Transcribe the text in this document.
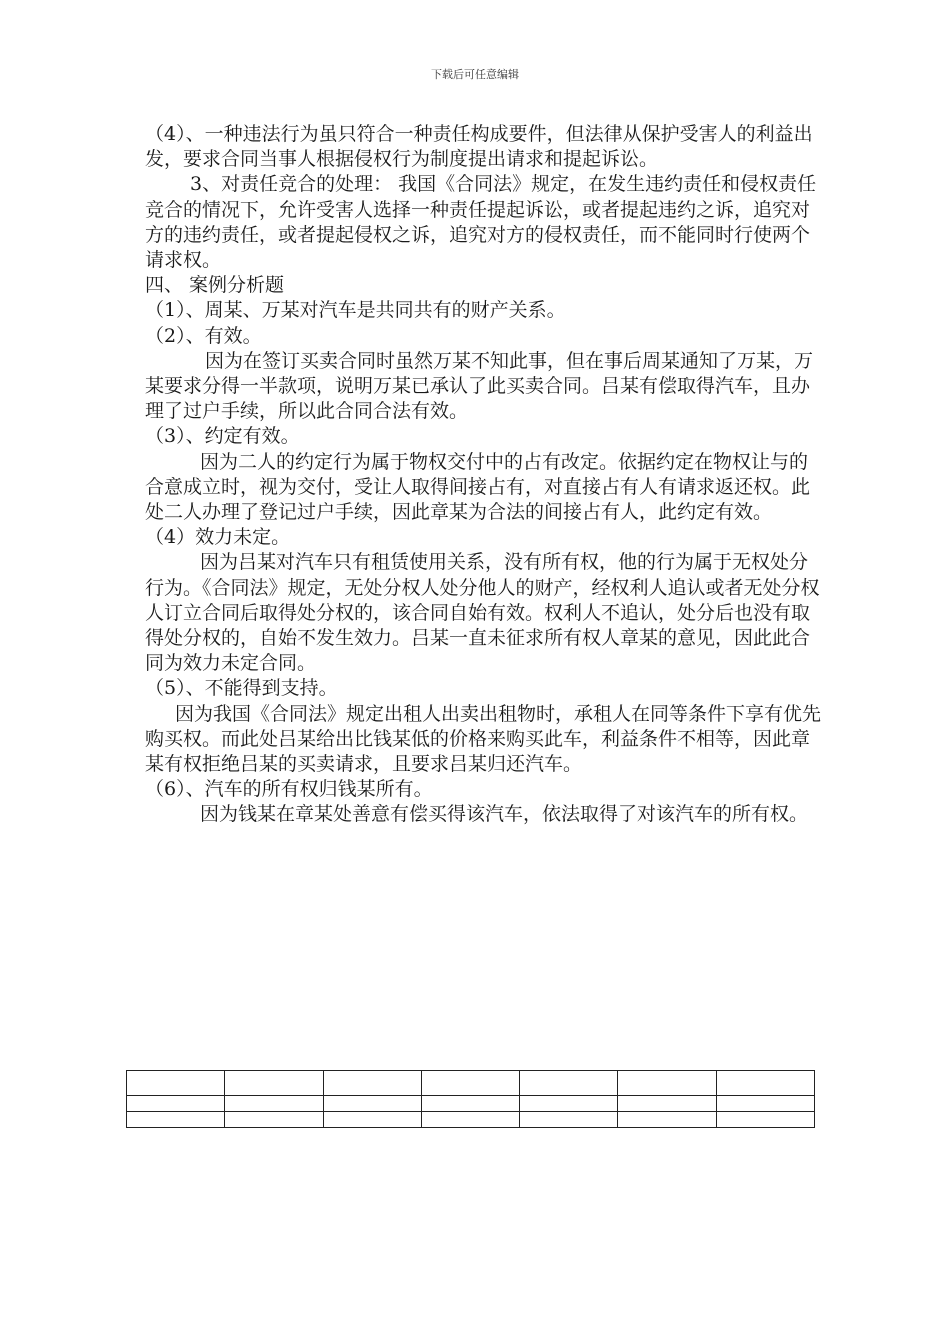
下载后可任意编辑

（4）、一种违法行为虽只符合一种责任构成要件，但法律从保护受害人的利益出发，要求合同当事人根据侵权行为制度提出请求和提起诉讼。

3、对责任竞合的处理： 我国《合同法》规定，在发生违约责任和侵权责任竞合的情况下，允许受害人选择一种责任提起诉讼，或者提起违约之诉，追究对方的违约责任，或者提起侵权之诉，追究对方的侵权责任，而不能同时行使两个请求权。

四、 案例分析题

（1）、周某、万某对汽车是共同共有的财产关系。

（2）、有效。

因为在签订买卖合同时虽然万某不知此事，但在事后周某通知了万某，万某要求分得一半款项，说明万某已承认了此买卖合同。吕某有偿取得汽车，且办理了过户手续，所以此合同合法有效。

（3）、约定有效。

因为二人的约定行为属于物权交付中的占有改定。依据约定在物权让与的合意成立时，视为交付，受让人取得间接占有，对直接占有人有请求返还权。此处二人办理了登记过户手续，因此章某为合法的间接占有人，此约定有效。

（4）效力未定。

因为吕某对汽车只有租赁使用关系，没有所有权，他的行为属于无权处分行为。《合同法》规定，无处分权人处分他人的财产，经权利人追认或者无处分权人订立合同后取得处分权的，该合同自始有效。权利人不追认，处分后也没有取得处分权的，自始不发生效力。吕某一直未征求所有权人章某的意见，因此此合同为效力未定合同。

（5）、不能得到支持。

因为我国《合同法》规定出租人出卖出租物时，承租人在同等条件下享有优先购买权。而此处吕某给出比钱某低的价格来购买此车，利益条件不相等，因此章某有权拒绝吕某的买卖请求，且要求吕某归还汽车。

（6）、汽车的所有权归钱某所有。

因为钱某在章某处善意有偿买得该汽车，依法取得了对该汽车的所有权。
